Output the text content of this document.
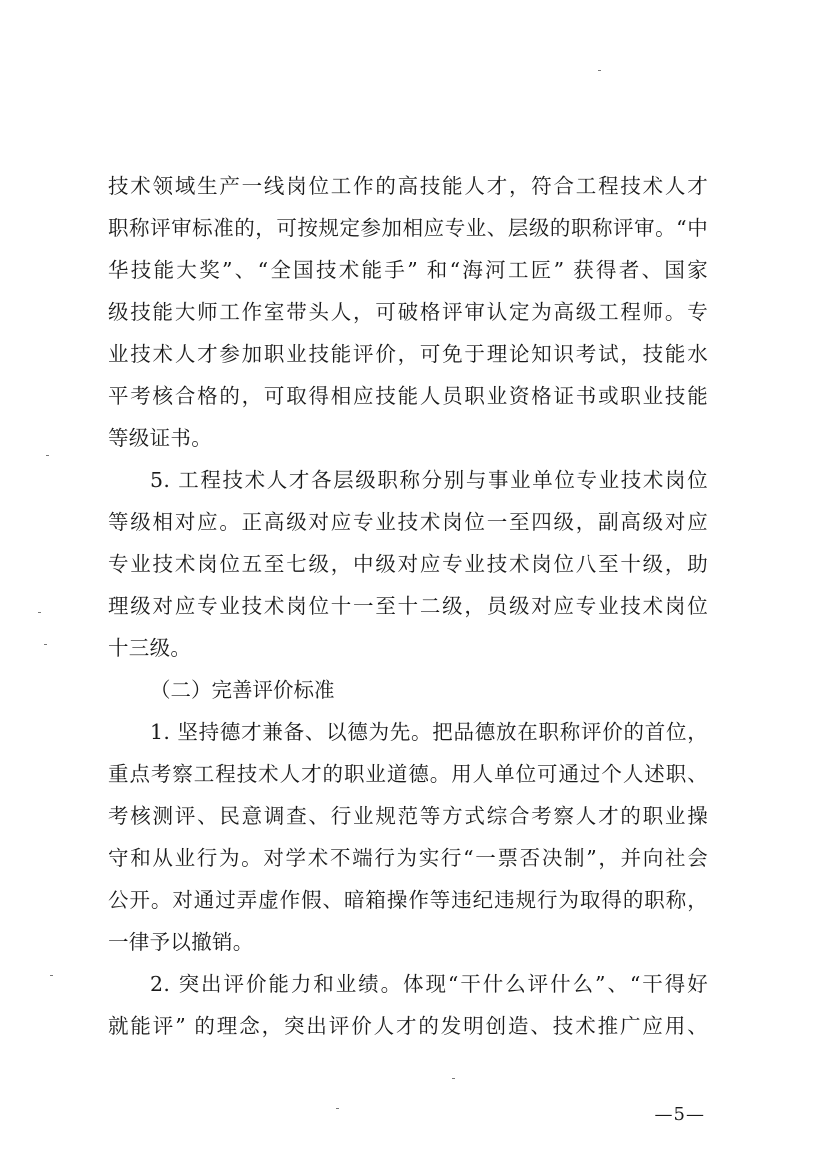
技术领域生产一线岗位工作的高技能人才，符合工程技术人才
职称评审标准的，可按规定参加相应专业、层级的职称评审。“中
华技能大奖”、“全国技术能手” 和“海河工匠” 获得者、国家
级技能大师工作室带头人，可破格评审认定为高级工程师。专
业技术人才参加职业技能评价，可免于理论知识考试，技能水
平考核合格的，可取得相应技能人员职业资格证书或职业技能
等级证书。
5. 工程技术人才各层级职称分别与事业单位专业技术岗位
等级相对应。正高级对应专业技术岗位一至四级，副高级对应
专业技术岗位五至七级，中级对应专业技术岗位八至十级，助
理级对应专业技术岗位十一至十二级，员级对应专业技术岗位
十三级。
（二）完善评价标准
1. 坚持德才兼备、以德为先。把品德放在职称评价的首位，
重点考察工程技术人才的职业道德。用人单位可通过个人述职、
考核测评、民意调查、行业规范等方式综合考察人才的职业操
守和从业行为。对学术不端行为实行“一票否决制”，并向社会
公开。对通过弄虚作假、暗箱操作等违纪违规行为取得的职称，
一律予以撤销。
2. 突出评价能力和业绩。体现“干什么评什么”、“干得好
就能评” 的理念，突出评价人才的发明创造、技术推广应用、
—5—
